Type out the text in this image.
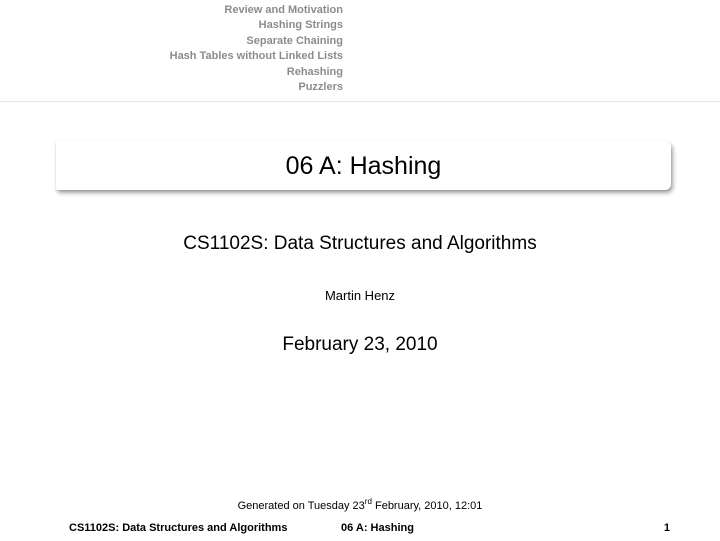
Review and Motivation
Hashing Strings
Separate Chaining
Hash Tables without Linked Lists
Rehashing
Puzzlers
06 A: Hashing
CS1102S: Data Structures and Algorithms
Martin Henz
February 23, 2010
Generated on Tuesday 23rd February, 2010, 12:01
CS1102S: Data Structures and Algorithms	06 A: Hashing	1
